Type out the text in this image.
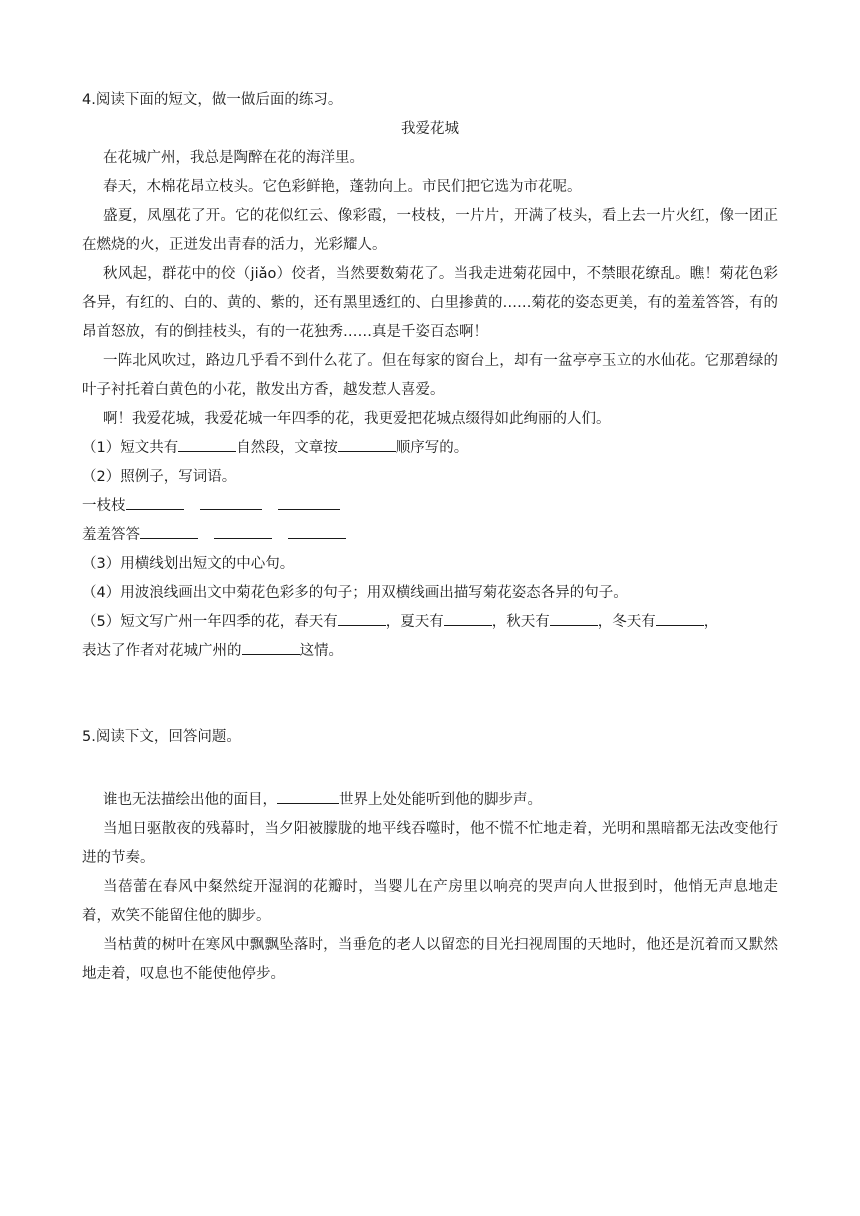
4.阅读下面的短文，做一做后面的练习。

我爱花城

在花城广州，我总是陶醉在花的海洋里。

春天，木棉花昂立枝头。它色彩鲜艳，蓬勃向上。市民们把它选为市花呢。

盛夏，凤凰花了开。它的花似红云、像彩霞，一枝枝，一片片，开满了枝头，看上去一片火红，像一团正在燃烧的火，正迸发出青春的活力，光彩耀人。

秋风起，群花中的佼（jiǎo）佼者，当然要数菊花了。当我走进菊花园中，不禁眼花缭乱。瞧！菊花色彩各异，有红的、白的、黄的、紫的，还有黑里透红的、白里掺黄的……菊花的姿态更美，有的羞羞答答，有的昂首怒放，有的倒挂枝头，有的一花独秀……真是千姿百态啊！

一阵北风吹过，路边几乎看不到什么花了。但在每家的窗台上，却有一盆亭亭玉立的水仙花。它那碧绿的叶子衬托着白黄色的小花，散发出方香，越发惹人喜爱。

啊！我爱花城，我爱花城一年四季的花，我更爱把花城点缀得如此绚丽的人们。

（1）短文共有	自然段，文章按	顺序写的。

（2）照例子，写词语。

一枝枝

羞羞答答

（3）用横线划出短文的中心句。

（4）用波浪线画出文中菊花色彩多的句子；用双横线画出描写菊花姿态各异的句子。

（5）短文写广州一年四季的花，春天有	，夏天有	，秋天有	，冬天有	，

表达了作者对花城广州的	这情。

5.阅读下文，回答问题。

谁也无法描绘出他的面目，	世界上处处能听到他的脚步声。

当旭日驱散夜的残幕时，当夕阳被朦胧的地平线吞噬时，他不慌不忙地走着，光明和黑暗都无法改变他行进的节奏。

当蓓蕾在春风中粲然绽开湿润的花瓣时，当婴儿在产房里以响亮的哭声向人世报到时，他悄无声息地走着，欢笑不能留住他的脚步。

当枯黄的树叶在寒风中飘飘坠落时，当垂危的老人以留恋的目光扫视周围的天地时，他还是沉着而又默然地走着，叹息也不能使他停步。
